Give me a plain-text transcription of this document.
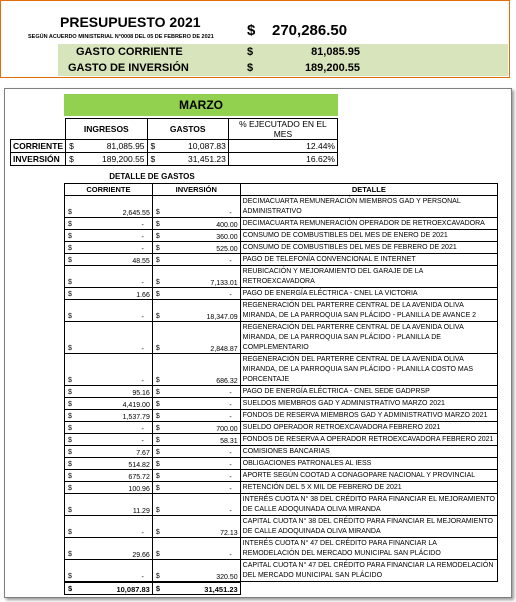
PRESUPUESTO 2021
SEGÚN ACUERDO MINISTERIAL N°0008 DEL 05 DE FEBRERO DE 2021 $ 270,286.50
GASTO CORRIENTE	$	81,085.95
GASTO DE INVERSIÓN	$	189,200.55
MARZO
	INGRESOS	GASTOS	% EJECUTADO EN EL MES
CORRIENTE	$ 81,085.95	$ 10,087.83	12.44%
INVERSIÓN	$ 189,200.55	$ 31,451.23	16.62%
DETALLE DE GASTOS
CORRIENTE	INVERSIÓN	DETALLE

$ 2,645.55	$ -	DECIMACUARTA REMUNERACIÓN MIEMBROS GAD Y PERSONAL ADMINISTRATIVO

$ -	$ 400.00	DECIMACUARTA REMUNERACIÓN OPERADOR DE RETROEXCAVADORA

$ -	$ 360.00	CONSUMO DE COMBUSTIBLES DEL MES DE ENERO DE 2021

$ -	$ 525.00	CONSUMO DE COMBUSTIBLES DEL MES DE FEBRERO DE 2021

$ 48.55	$ -	PAGO DE TELEFONÍA CONVENCIONAL E INTERNET

$ -	$ 7,133.01	REUBICACIÓN Y MEJORAMIENTO DEL GARAJE DE LA RETROEXCAVADORA

$ 1.66	$ -	PAGO DE ENERGÍA ELÉCTRICA - CNEL LA VICTORIA

$ -	$ 18,347.09	REGENERACIÓN DEL PARTERRE CENTRAL DE LA AVENIDA OLIVA MIRANDA, DE LA PARROQUIA SAN PLÁCIDO - PLANILLA DE AVANCE 2

$ -	$ 2,848.87	REGENERACIÓN DEL PARTERRE CENTRAL DE LA AVENIDA OLIVA MIRANDA, DE LA PARROQUIA SAN PLÁCIDO - PLANILLA DE COMPLEMENTARIO

$ -	$ 686.32	REGENERACIÓN DEL PARTERRE CENTRAL DE LA AVENIDA OLIVA MIRANDA, DE LA PARROQUIA SAN PLÁCIDO - PLANILLA COSTO MAS PORCENTAJE

$ 95.16	$ -	PAGO DE ENERGÍA ELÉCTRICA - CNEL SEDE GADPRSP

$ 4,419.00	$ -	SUELDOS MIEMBROS GAD Y ADMINISTRATIVO MARZO 2021

$ 1,537.79	$ -	FONDOS DE RESERVA MIEMBROS GAD Y ADMINISTRATIVO MARZO 2021

$ -	$ 700.00	SUELDO OPERADOR RETROEXCAVADORA FEBRERO 2021

$ -	$ 58.31	FONDOS DE RESERVA A OPERADOR RETROEXCAVADORA FEBRERO 2021

$ 7.67	$ -	COMISIONES BANCARIAS

$ 514.82	$ -	OBLIGACIONES PATRONALES AL IESS

$ 675.72	$ -	APORTE SEGÚN COOTAD A CONAGOPARE NACIONAL Y PROVINCIAL

$ 100.96	$ -	RETENCIÓN DEL 5 X MIL DE FEBRERO DE 2021

$ 11.29	$ -	INTERÉS CUOTA N° 38 DEL CRÉDITO PARA FINANCIAR EL MEJORAMIENTO DE CALLE ADOQUINADA OLIVA MIRANDA

$ -	$ 72.13	CAPITAL CUOTA N° 38 DEL CRÉDITO PARA FINANCIAR EL MEJORAMIENTO DE CALLE ADOQUINADA OLIVA MIRANDA

$ 29.66	$ -	INTERÉS CUOTA N° 47 DEL CRÉDITO PARA FINANCIAR LA REMODELACIÓN DEL MERCADO MUNICIPAL SAN PLÁCIDO

$ -	$ 320.50	CAPITAL CUOTA N° 47 DEL CRÉDITO PARA FINANCIAR LA REMODELACIÓN DEL MERCADO MUNICIPAL SAN PLÁCIDO

$ 10,087.83	$ 31,451.23	
